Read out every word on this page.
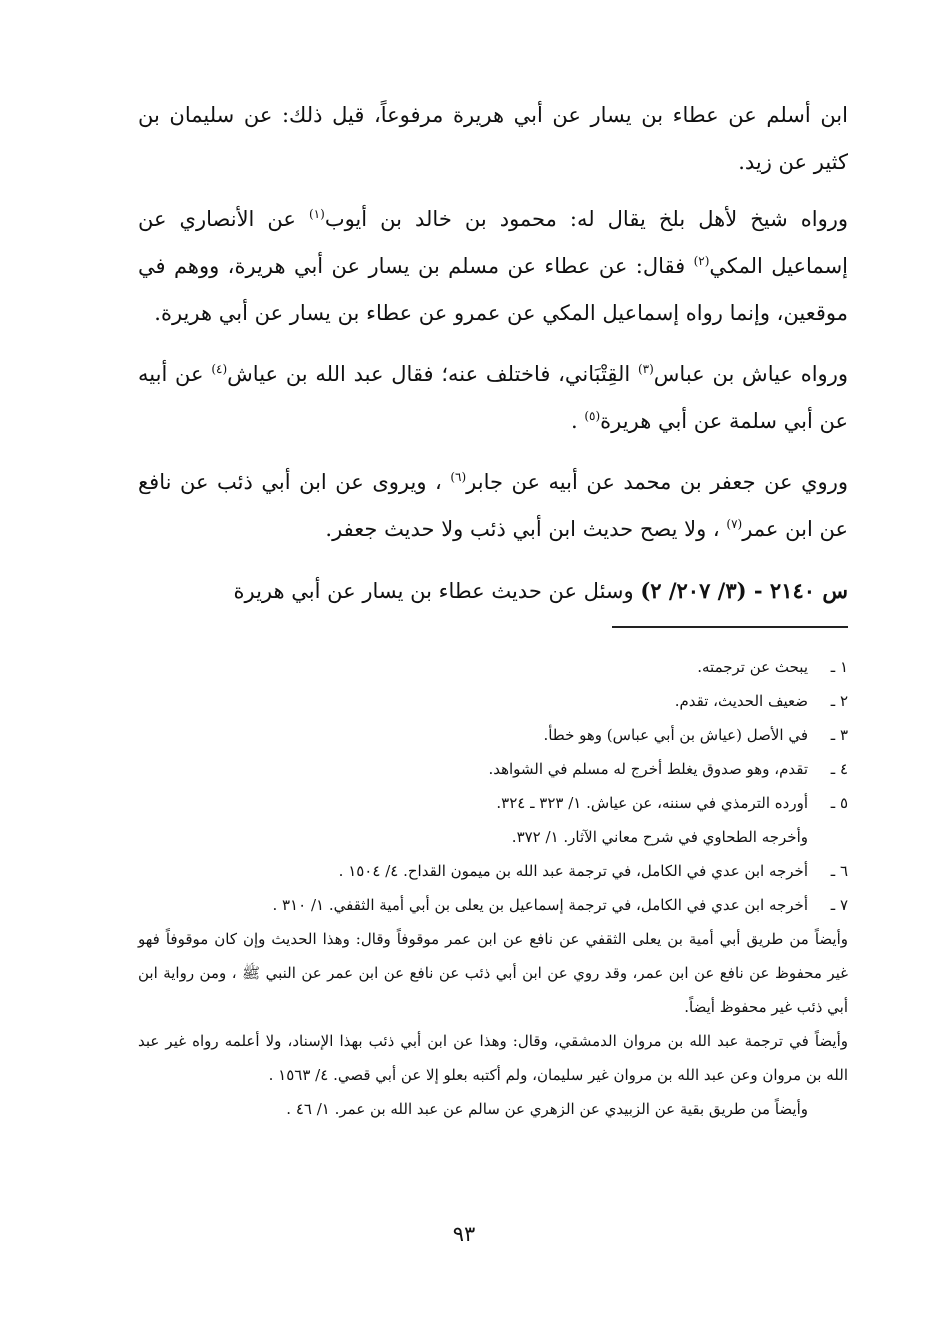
ابن أسلم عن عطاء بن يسار عن أبي هريرة مرفوعاً، قيل ذلك: عن سليمان بن كثير عن زيد.

ورواه شيخ لأهل بلخ يقال له: محمود بن خالد بن أيوب$^{(١)}$ عن الأنصاري عن إسماعيل المكي$^{(٢)}$ فقال: عن عطاء عن مسلم بن يسار عن أبي هريرة، ووهم في موقعين، وإنما رواه إسماعيل المكي عن عمرو عن عطاء بن يسار عن أبي هريرة.

ورواه عياش بن عباس$^{(٣)}$ القِتْبَاني، فاختلف عنه؛ فقال عبد الله بن عياش$^{(٤)}$ عن أبيه عن أبي سلمة عن أبي هريرة$^{(٥)}$ .

وروي عن جعفر بن محمد عن أبيه عن جابر$^{(٦)}$ ، ويروى عن ابن أبي ذئب عن نافع عن ابن عمر$^{(٧)}$ ، ولا يصح حديث ابن أبي ذئب ولا حديث جعفر.

س ٢١٤٠ - (٣/ ٢٠٧/ ٢) وسئل عن حديث عطاء بن يسار عن أبي هريرة

١ ـ
يبحث عن ترجمته.
٢ ـ
ضعيف الحديث، تقدم.
٣ ـ
في الأصل (عياش بن أبي عباس) وهو خطأ.
٤ ـ
تقدم، وهو صدوق يغلط أخرج له مسلم في الشواهد.
٥ ـ
أورده الترمذي في سننه، عن عياش. ١/ ٣٢٣ ـ ٣٢٤.
وأخرجه الطحاوي في شرح معاني الآثار. ١/ ٣٧٢.
٦ ـ
أخرجه ابن عدي في الكامل، في ترجمة عبد الله بن ميمون القداح. ٤/ ١٥٠٤ .
٧ ـ
أخرجه ابن عدي في الكامل، في ترجمة إسماعيل بن يعلى بن أبي أمية الثقفي. ١/ ٣١٠ .
وأيضاً من طريق أبي أمية بن يعلى الثقفي عن نافع عن ابن عمر موقوفاً وقال: وهذا الحديث وإن كان موقوفاً فهو غير محفوظ عن نافع عن ابن عمر، وقد روي عن ابن أبي ذئب عن نافع عن ابن عمر عن النبي ﷺ ، ومن رواية ابن أبي ذئب غير محفوظ أيضاً.
وأيضاً في ترجمة عبد الله بن مروان الدمشقي، وقال: وهذا عن ابن أبي ذئب بهذا الإسناد، ولا أعلمه رواه غير عبد الله بن مروان وعن عبد الله بن مروان غير سليمان، ولم أكتبه بعلو إلا عن أبي قصي. ٤/ ١٥٦٣ .
وأيضاً من طريق بقية عن الزبيدي عن الزهري عن سالم عن عبد الله بن عمر. ١/ ٤٦ .
٩٣
